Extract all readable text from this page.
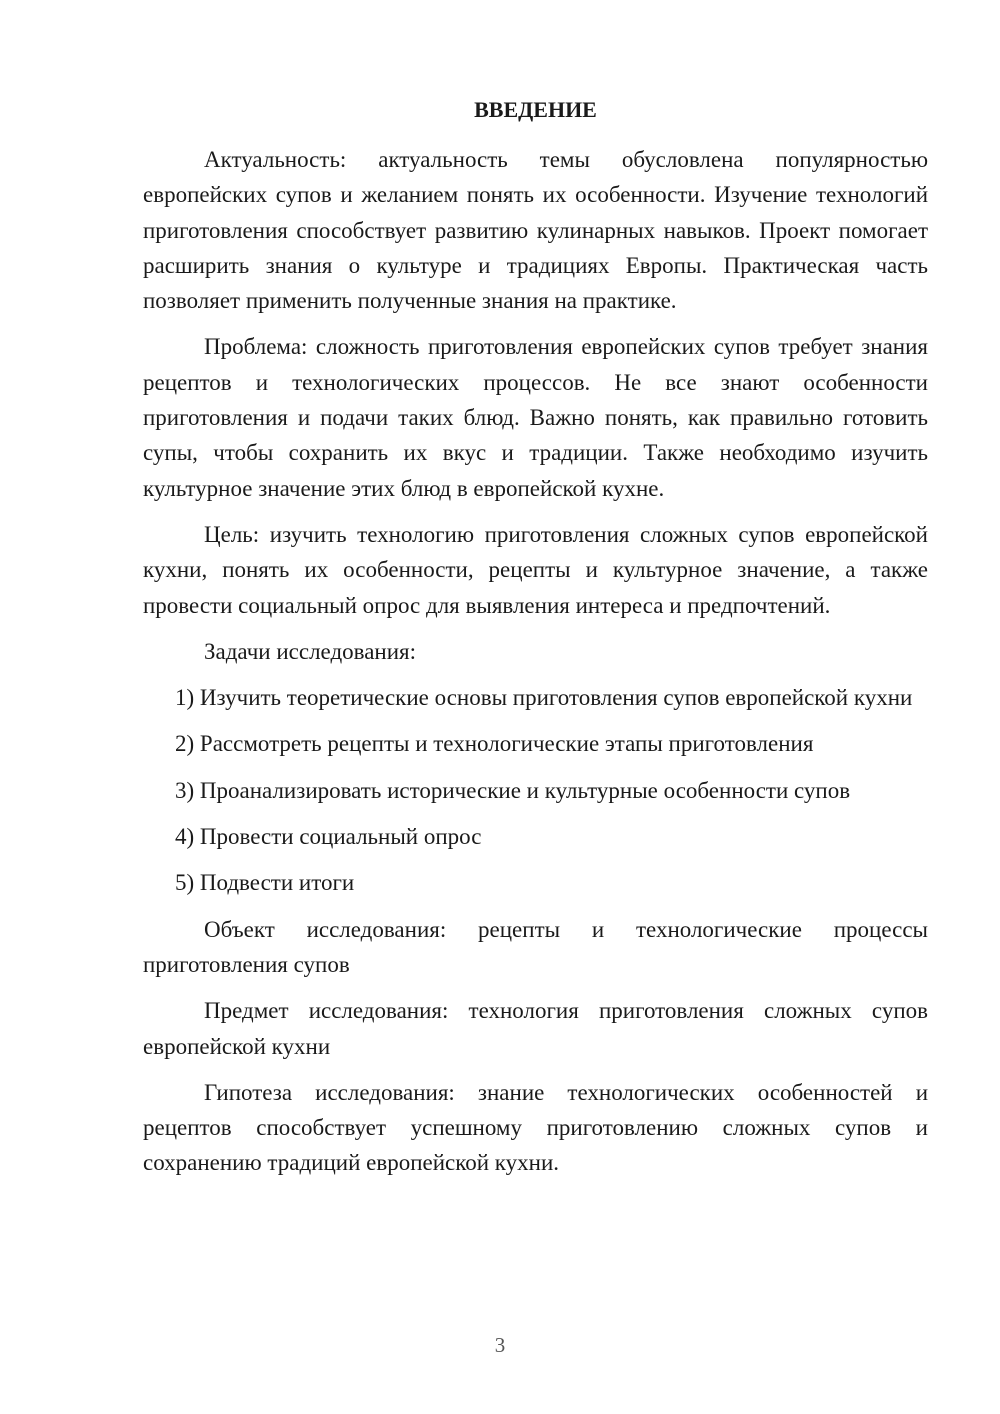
ВВЕДЕНИЕ

Актуальность: актуальность темы обусловлена популярностью европейских супов и желанием понять их особенности. Изучение технологий приготовления способствует развитию кулинарных навыков. Проект помогает расширить знания о культуре и традициях Европы. Практическая часть позволяет применить полученные знания на практике.

Проблема: сложность приготовления европейских супов требует знания рецептов и технологических процессов. Не все знают особенности приготовления и подачи таких блюд. Важно понять, как правильно готовить супы, чтобы сохранить их вкус и традиции. Также необходимо изучить культурное значение этих блюд в европейской кухне.

Цель: изучить технологию приготовления сложных супов европейской кухни, понять их особенности, рецепты и культурное значение, а также провести социальный опрос для выявления интереса и предпочтений.

Задачи исследования:

1) Изучить теоретические основы приготовления супов европейской кухни
2) Рассмотреть рецепты и технологические этапы приготовления
3) Проанализировать исторические и культурные особенности супов
4) Провести социальный опрос
5) Подвести итоги

Объект исследования: рецепты и технологические процессы приготовления супов

Предмет исследования: технология приготовления сложных супов европейской кухни

Гипотеза исследования: знание технологических особенностей и рецептов способствует успешному приготовлению сложных супов и сохранению традиций европейской кухни.

3
